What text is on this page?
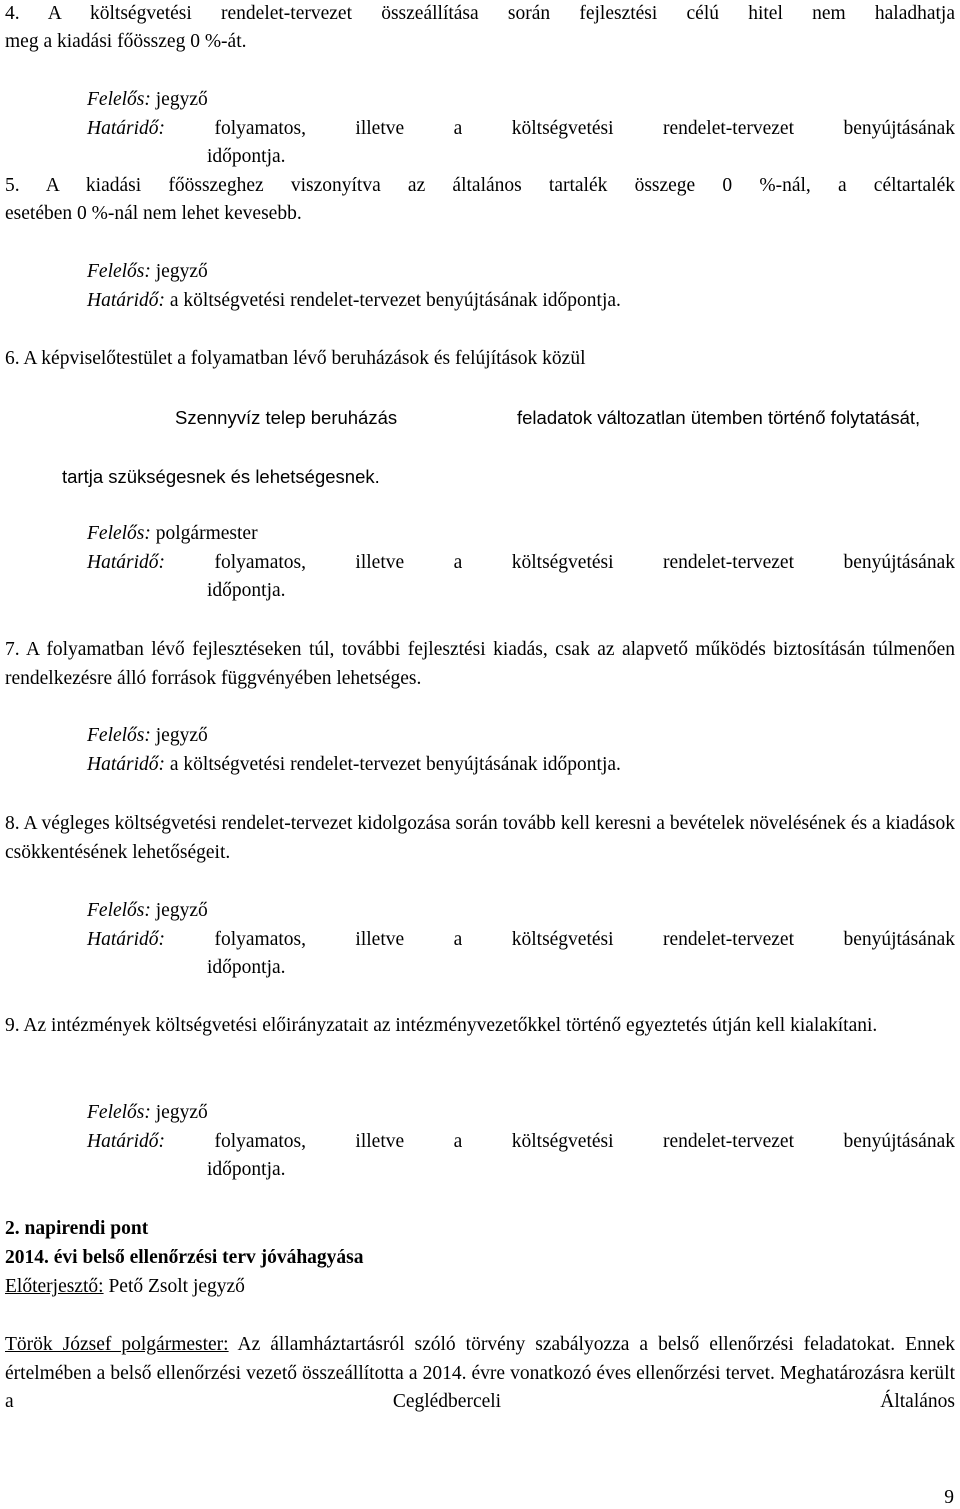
4. A költségvetési rendelet-tervezet összeállítása során fejlesztési célú hitel nem haladhatja
meg a kiadási főösszeg 0 %-át.
Felelős: jegyző
Határidő: folyamatos, illetve a költségvetési rendelet-tervezet benyújtásának
időpontja.
5. A kiadási főösszeghez viszonyítva az általános tartalék összege 0 %-nál, a céltartalék
esetében 0 %-nál nem lehet kevesebb.
Felelős: jegyző
Határidő: a költségvetési rendelet-tervezet benyújtásának időpontja.
6. A képviselőtestület a folyamatban lévő beruházások és felújítások közül
Szennyvíz telep beruházás	feladatok változatlan ütemben történő folytatását,
tartja szükségesnek és lehetségesnek.
Felelős: polgármester
Határidő: folyamatos, illetve a költségvetési rendelet-tervezet benyújtásának
időpontja.
7. A folyamatban lévő fejlesztéseken túl, további fejlesztési kiadás, csak az alapvető működés biztosításán túlmenően rendelkezésre álló források függvényében lehetséges.
Felelős: jegyző
Határidő: a költségvetési rendelet-tervezet benyújtásának időpontja.
8. A végleges költségvetési rendelet-tervezet kidolgozása során tovább kell keresni a bevételek növelésének és a kiadások csökkentésének lehetőségeit.
Felelős: jegyző
Határidő: folyamatos, illetve a költségvetési rendelet-tervezet benyújtásának
időpontja.
9. Az intézmények költségvetési előirányzatait az intézményvezetőkkel történő egyeztetés útján kell kialakítani.
Felelős: jegyző
Határidő: folyamatos, illetve a költségvetési rendelet-tervezet benyújtásának
időpontja.
2. napirendi pont
2014. évi belső ellenőrzési terv jóváhagyása
Előterjesztő: Pető Zsolt jegyző
Török József polgármester: Az államháztartásról szóló törvény szabályozza a belső ellenőrzési feladatokat. Ennek értelmében a belső ellenőrzési vezető összeállította a 2014. évre vonatkozó éves ellenőrzési tervet. Meghatározásra került a Ceglédberceli Általános
9
